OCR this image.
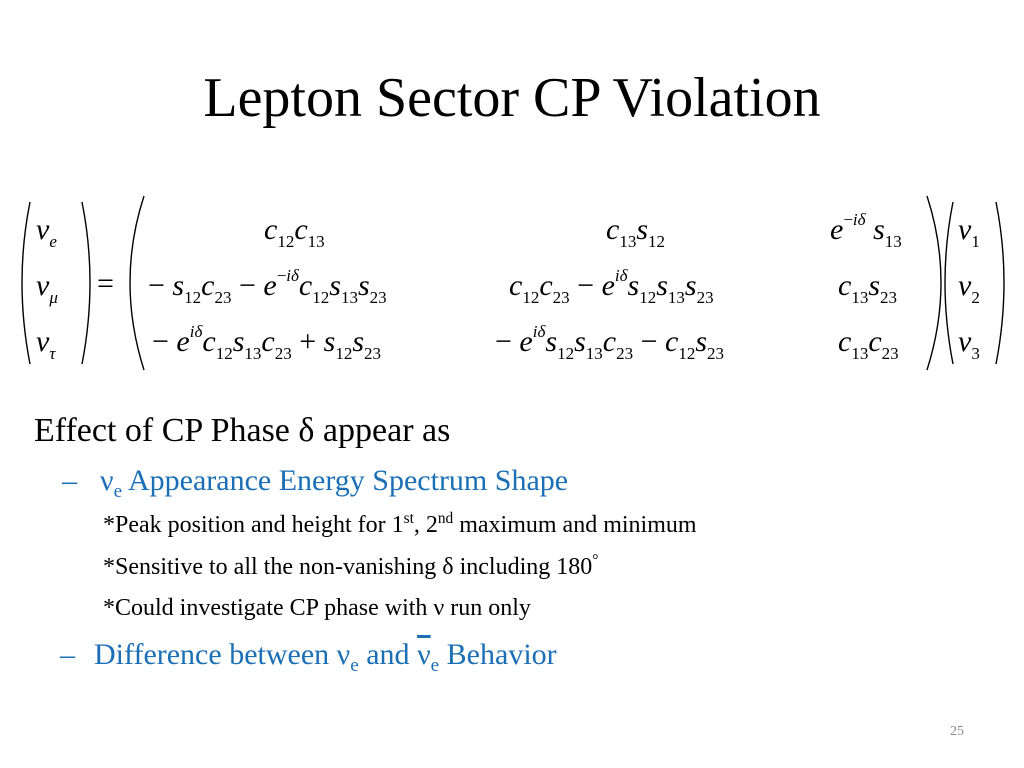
Lepton Sector CP Violation
$\nu_e$
$\nu_\mu$
$\nu_\tau$
=
$c_{12}c_{13}$	$c_{13}s_{12}$	e−iδ $s_{13}$
− $s_{12}c_{23} - e^-i\delta c_{12}s_{13}s_{23}$	$c_{12}c_{23} - e^{i\delta}s_{12}s_{13}s_{23}$	$c_{13}s_{23}$
− $e^{i\delta}c_{12}s_{13}c_{23} + s_{12}s_{23}$	− $e^{i\delta}s_{12}s_{13}c_{23} - c_{12}s_{23}$	$c_{13}c_{23}$
$\nu_1$
$\nu_2$
$\nu_3$
Effect of CP Phase δ appear as
– $\nu_e$ Appearance Energy Spectrum Shape
*Peak position and height for 1st, 2nd maximum and minimum
*Sensitive to all the non-vanishing δ including 180°
*Could investigate CP phase with ν run only
– Difference between $\nu_e$ and $\overline{\nu}_e$ Behavior
25
